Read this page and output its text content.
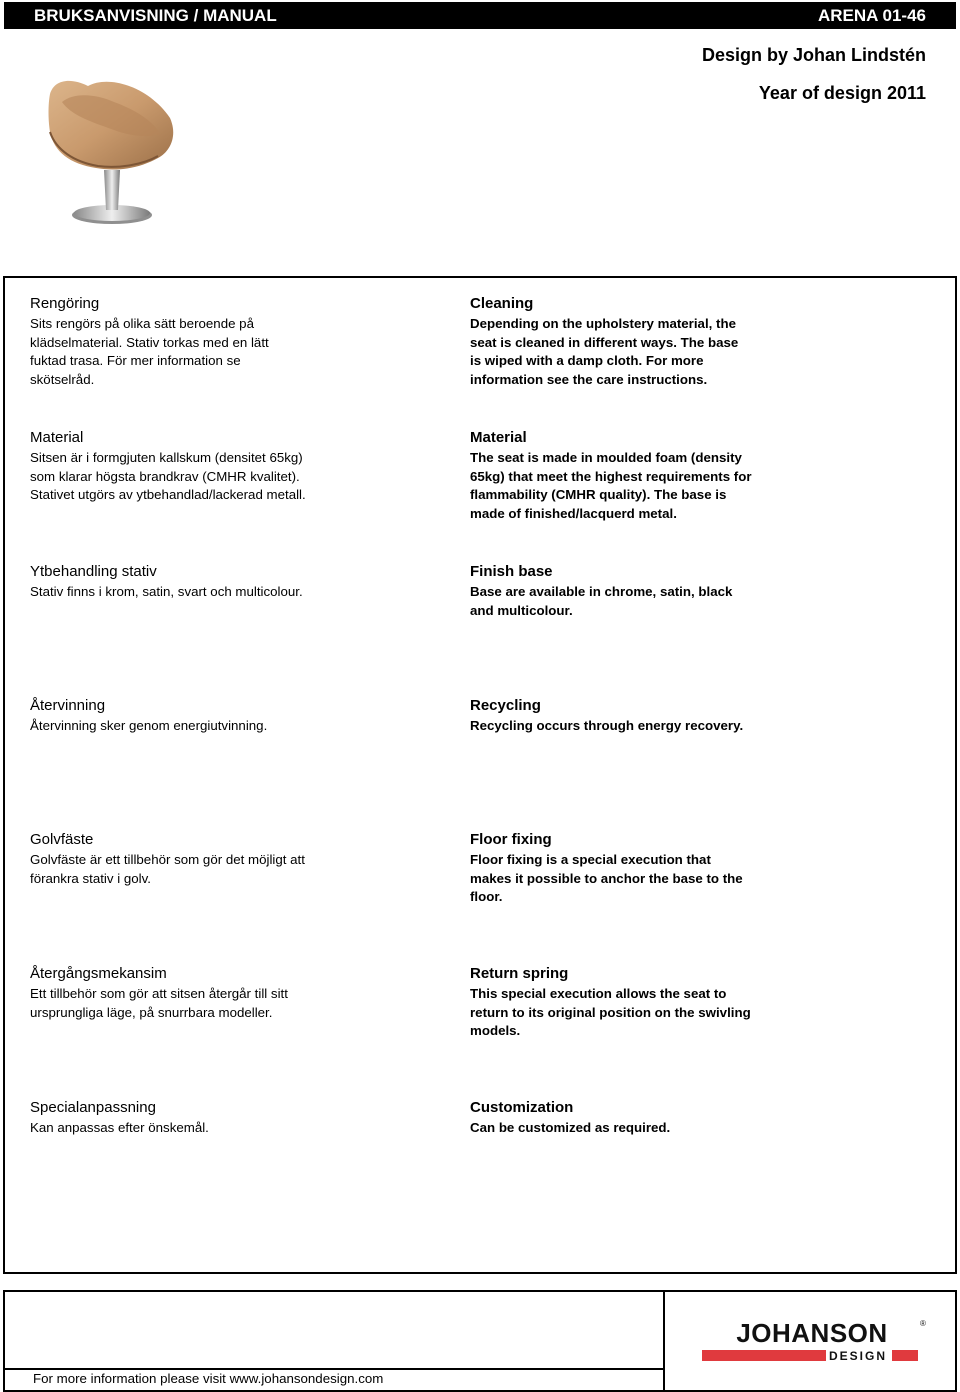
BRUKSANVISNING / MANUAL	ARENA 01-46
Design by Johan Lindstén
Year of design 2011
Rengöring
Sits rengörs på olika sätt beroende på
klädselmaterial. Stativ torkas med en lätt
fuktad trasa. För mer information se
skötselråd.
Cleaning
Depending on the upholstery material, the
seat is cleaned in different ways. The base
is wiped with a damp cloth. For more
information see the care instructions.
Material
Sitsen är i formgjuten kallskum (densitet 65kg)
som klarar högsta brandkrav (CMHR kvalitet).
Stativet utgörs av ytbehandlad/lackerad metall.
Material
The seat is made in moulded foam (density
65kg) that meet the highest requirements for
flammability (CMHR quality). The base is
made of finished/lacquerd metal.
Ytbehandling stativ
Stativ finns i krom, satin, svart och multicolour.
Finish base
Base are available in chrome, satin, black
and multicolour.
Återvinning
Återvinning sker genom energiutvinning.
Recycling
Recycling occurs through energy recovery.
Golvfäste
Golvfäste är ett tillbehör som gör det möjligt att
förankra stativ i golv.
Floor fixing
Floor fixing is a special execution that
makes it possible to anchor the base to the
floor.
Återgångsmekansim
Ett tillbehör som gör att sitsen återgår till sitt
ursprungliga läge, på snurrbara modeller.
Return spring
This special execution allows the seat to
return to its original position on the swivling
models.
Specialanpassning
Kan anpassas efter önskemål.
Customization
Can be customized as required.
For more information please visit www.johansondesign.com
JOHANSON	®
DESIGN
